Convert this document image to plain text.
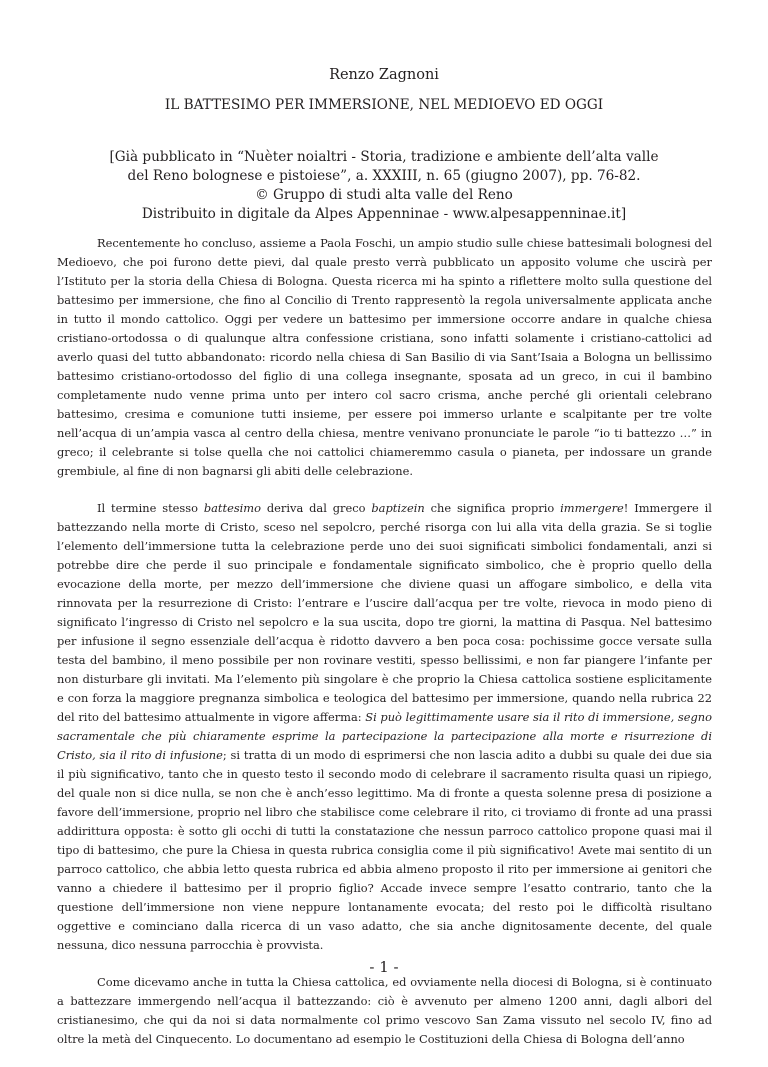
Renzo Zagnoni
IL BATTESIMO PER IMMERSIONE, NEL MEDIOEVO ED OGGI
[Già pubblicato in “Nuèter noialtri - Storia, tradizione e ambiente dell’alta valle
del Reno bolognese e pistoiese”, a. XXXIII, n. 65 (giugno 2007), pp. 76-82.
© Gruppo di studi alta valle del Reno
Distribuito in digitale da Alpes Appenninae - www.alpesappenninae.it]

Recentemente ho concluso, assieme a Paola Foschi, un ampio studio sulle chiese battesimali bolognesi del Medioevo, che poi furono dette pievi, dal quale presto verrà pubblicato un apposito volume che uscirà per l’Istituto per la storia della Chiesa di Bologna. Questa ricerca mi ha spinto a riflettere molto sulla questione del battesimo per immersione, che fino al Concilio di Trento rappresentò la regola universalmente applicata anche in tutto il mondo cattolico. Oggi per vedere un battesimo per immersione occorre andare in qualche chiesa cristiano-ortodossa o di qualunque altra confessione cristiana, sono infatti solamente i cristiano-cattolici ad averlo quasi del tutto abbandonato: ricordo nella chiesa di San Basilio di via Sant’Isaia a Bologna un bellissimo battesimo cristiano-ortodosso del figlio di una collega insegnante, sposata ad un greco, in cui il bambino completamente nudo venne prima unto per intero col sacro crisma, anche perché gli orientali celebrano battesimo, cresima e comunione tutti insieme, per essere poi immerso urlante e scalpitante per tre volte nell’acqua di un’ampia vasca al centro della chiesa, mentre venivano pronunciate le parole “io ti battezzo …” in greco; il celebrante si tolse quella che noi cattolici chiameremmo casula o pianeta, per indossare un grande grembiule, al fine di non bagnarsi gli abiti delle celebrazione.

Il termine stesso battesimo deriva dal greco baptizein che significa proprio immergere! Immergere il battezzando nella morte di Cristo, sceso nel sepolcro, perché risorga con lui alla vita della grazia. Se si toglie l’elemento dell’immersione tutta la celebrazione perde uno dei suoi significati simbolici fondamentali, anzi si potrebbe dire che perde il suo principale e fondamentale significato simbolico, che è proprio quello della evocazione della morte, per mezzo dell’immersione che diviene quasi un affogare simbolico, e della vita rinnovata per la resurrezione di Cristo: l’entrare e l’uscire dall’acqua per tre volte, rievoca in modo pieno di significato l’ingresso di Cristo nel sepolcro e la sua uscita, dopo tre giorni, la mattina di Pasqua. Nel battesimo per infusione il segno essenziale dell’acqua è ridotto davvero a ben poca cosa: pochissime gocce versate sulla testa del bambino, il meno possibile per non rovinare vestiti, spesso bellissimi, e non far piangere l’infante per non disturbare gli invitati. Ma l’elemento più singolare è che proprio la Chiesa cattolica sostiene esplicitamente e con forza la maggiore pregnanza simbolica e teologica del battesimo per immersione, quando nella rubrica 22 del rito del battesimo attualmente in vigore afferma: Si può legittimamente usare sia il rito di immersione, segno sacramentale che più chiaramente esprime la partecipazione la partecipazione alla morte e risurrezione di Cristo, sia il rito di infusione; si tratta di un modo di esprimersi che non lascia adito a dubbi su quale dei due sia il più significativo, tanto che in questo testo il secondo modo di celebrare il sacramento risulta quasi un ripiego, del quale non si dice nulla, se non che è anch’esso legittimo. Ma di fronte a questa solenne presa di posizione a favore dell’immersione, proprio nel libro che stabilisce come celebrare il rito, ci troviamo di fronte ad una prassi addirittura opposta: è sotto gli occhi di tutti la constatazione che nessun parroco cattolico propone quasi mai il tipo di battesimo, che pure la Chiesa in questa rubrica consiglia come il più significativo! Avete mai sentito di un parroco cattolico, che abbia letto questa rubrica ed abbia almeno proposto il rito per immersione ai genitori che vanno a chiedere il battesimo per il proprio figlio? Accade invece sempre l’esatto contrario, tanto che la questione dell’immersione non viene neppure lontanamente evocata; del resto poi le difficoltà risultano oggettive e cominciano dalla ricerca di un vaso adatto, che sia anche dignitosamente decente, del quale nessuna, dico nessuna parrocchia è provvista.

Come dicevamo anche in tutta la Chiesa cattolica, ed ovviamente nella diocesi di Bologna, si è continuato a battezzare immergendo nell’acqua il battezzando: ciò è avvenuto per almeno 1200 anni, dagli albori del cristianesimo, che qui da noi si data normalmente col primo vescovo San Zama vissuto nel secolo IV, fino ad oltre la metà del Cinquecento. Lo documentano ad esempio le Costituzioni della Chiesa di Bologna dell’anno

- 1 -
